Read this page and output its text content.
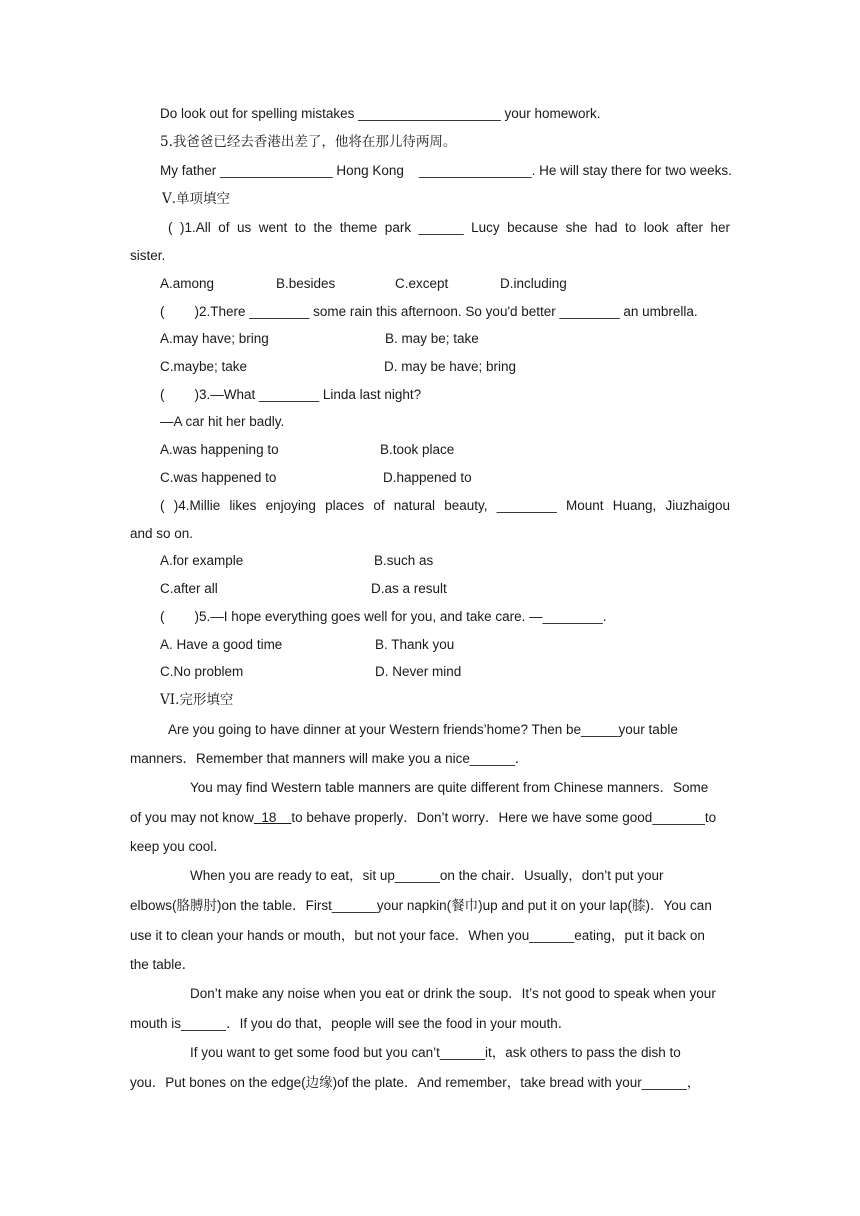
Do look out for spelling mistakes ___________________ your homework.
5.我爸爸已经去香港出差了，他将在那儿待两周。
My father _______________ Hong Kong    _______________. He will stay there for two weeks.
Ⅴ.单项填空
( )1.All of us went to the theme park ______ Lucy because she had to look after her
sister.
A.among	B.besides	C.except	D.including
(        )2.There ________ some rain this afternoon. So you'd better ________ an umbrella.
A.may have; bring	B. may be; take
C.maybe; take	D. may be have; bring
(        )3.—What ________ Linda last night?
—A car hit her badly.
A.was happening to	B.took place
C.was happened to	D.happened to
( )4.Millie likes enjoying places of natural beauty, ________ Mount Huang, Jiuzhaigou
and so on.
A.for example	B.such as
C.after all	D.as a result
(        )5.—I hope everything goes well for you, and take care. —________.
A. Have a good time	B. Thank you
C.No problem	D. Never mind
VI.完形填空
Are you going to have dinner at your Western friends’home? Then be_____your table
manners．Remember that manners will make you a nice______．
You may find Western table manners are quite different from Chinese manners．Some
of you may not know 18 to behave properly．Don’t worry．Here we have some good_______to
keep you cool．
When you are ready to eat，sit up______on the chair．Usually，don’t put your
elbows(胳膊肘)on the table．First______your napkin(餐巾)up and put it on your lap(膝)．You can
use it to clean your hands or mouth，but not your face．When you______eating，put it back on
the table．
Don’t make any noise when you eat or drink the soup．It’s not good to speak when your
mouth is______．If you do that，people will see the food in your mouth．
If you want to get some food but you can’t______it，ask others to pass the dish to
you．Put bones on the edge(边缘)of the plate．And remember，take bread with your______，
